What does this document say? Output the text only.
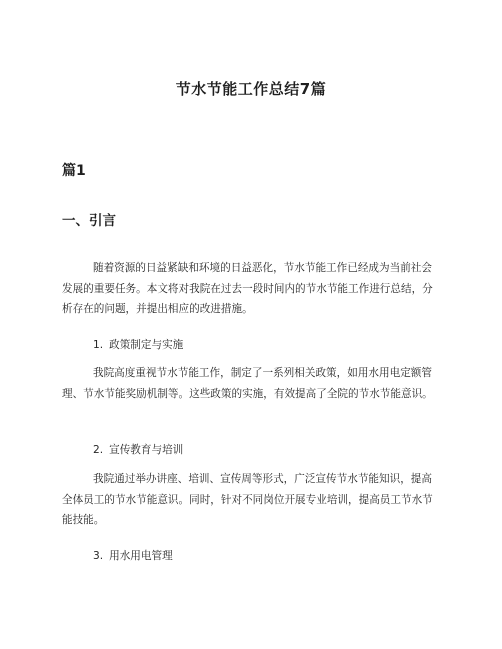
节水节能工作总结7篇
篇1
一、引言

随着资源的日益紧缺和环境的日益恶化，节水节能工作已经成为当前社会发展的重要任务。本文将对我院在过去一段时间内的节水节能工作进行总结，分析存在的问题，并提出相应的改进措施。

1. 政策制定与实施

我院高度重视节水节能工作，制定了一系列相关政策，如用水用电定额管理、节水节能奖励机制等。这些政策的实施，有效提高了全院的节水节能意识。

2. 宣传教育与培训

我院通过举办讲座、培训、宣传周等形式，广泛宣传节水节能知识，提高全体员工的节水节能意识。同时，针对不同岗位开展专业培训，提高员工节水节能技能。

3. 用水用电管理
